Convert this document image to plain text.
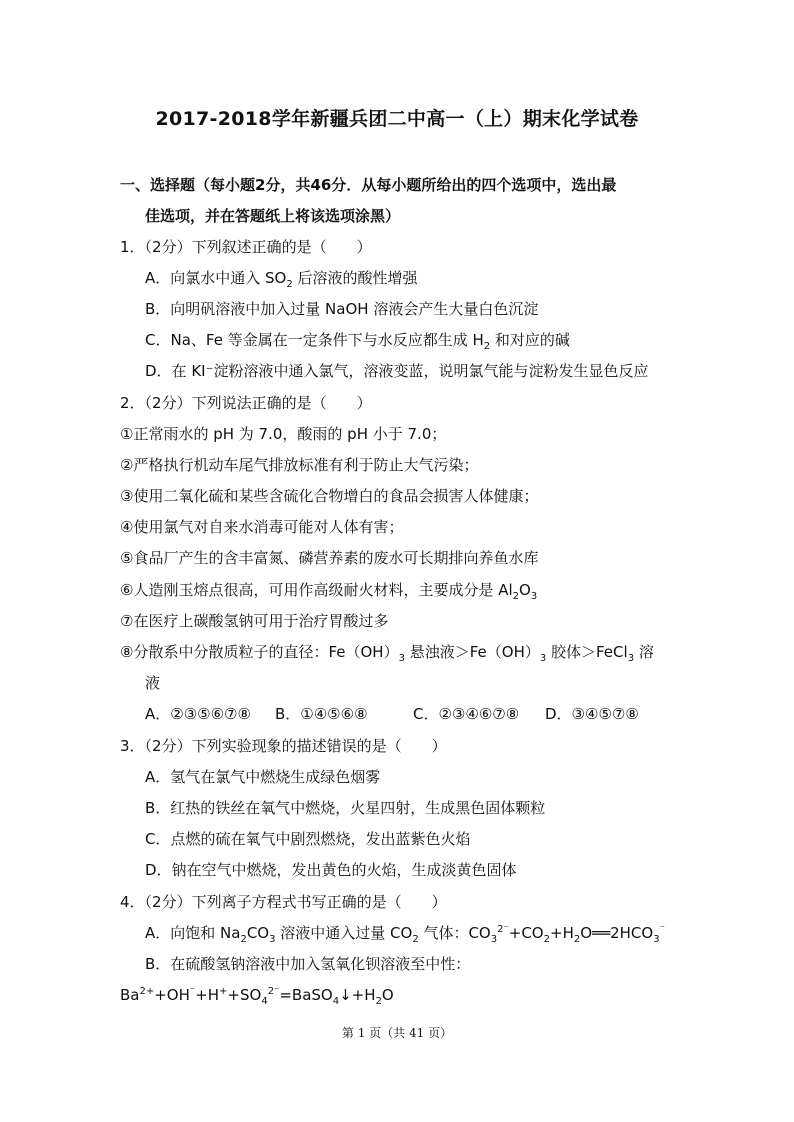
2017-2018学年新疆兵团二中高一（上）期末化学试卷
一、选择题（每小题2分，共46分．从每小题所给出的四个选项中，选出最
佳选项，并在答题纸上将该选项涂黑）
1．（2分）下列叙述正确的是（　　）
A．向氯水中通入 $SO_2$ 后溶液的酸性增强
B．向明矾溶液中加入过量 NaOH 溶液会产生大量白色沉淀
C．Na、Fe 等金属在一定条件下与水反应都生成 $H_2$ 和对应的碱
D．在 KI⁻淀粉溶液中通入氯气，溶液变蓝，说明氯气能与淀粉发生显色反应
2．（2分）下列说法正确的是（　　）
①正常雨水的 pH 为 7.0，酸雨的 pH 小于 7.0；
②严格执行机动车尾气排放标准有利于防止大气污染；
③使用二氧化硫和某些含硫化合物增白的食品会损害人体健康；
④使用氯气对自来水消毒可能对人体有害；
⑤食品厂产生的含丰富氮、磷营养素的废水可长期排向养鱼水库
⑥人造刚玉熔点很高，可用作高级耐火材料，主要成分是 $Al_2O_3$
⑦在医疗上碳酸氢钠可用于治疗胃酸过多
⑧分散系中分散质粒子的直径：$Fe(OH)_3$ 悬浊液$>Fe(OH)_3$ 胶体＞FeCl$_3$ 溶
液
A．②③⑤⑥⑦⑧ B．①④⑤⑥⑧	C．②③④⑥⑦⑧ D．③④⑤⑦⑧
3．（2分）下列实验现象的描述错误的是（　　）
A．氢气在氯气中燃烧生成绿色烟雾
B．红热的铁丝在氧气中燃烧，火星四射，生成黑色固体颗粒
C．点燃的硫在氧气中剧烈燃烧，发出蓝紫色火焰
D．钠在空气中燃烧，发出黄色的火焰，生成淡黄色固体
4．（2分）下列离子方程式书写正确的是（　　）
A．向饱和 $Na_2CO_3$ 溶液中通入过量 $CO_2$ 气体：$CO_3^{2^-}+CO_2+H_2O══2HCO_3^{^-}$
B．在硫酸氢钠溶液中加入氢氧化钡溶液至中性：
$Ba^{2+}+OH^{^-}+H^++SO_4^{2^-}=BaSO_4↓+H_2O$
第 1 页（共 41 页）
